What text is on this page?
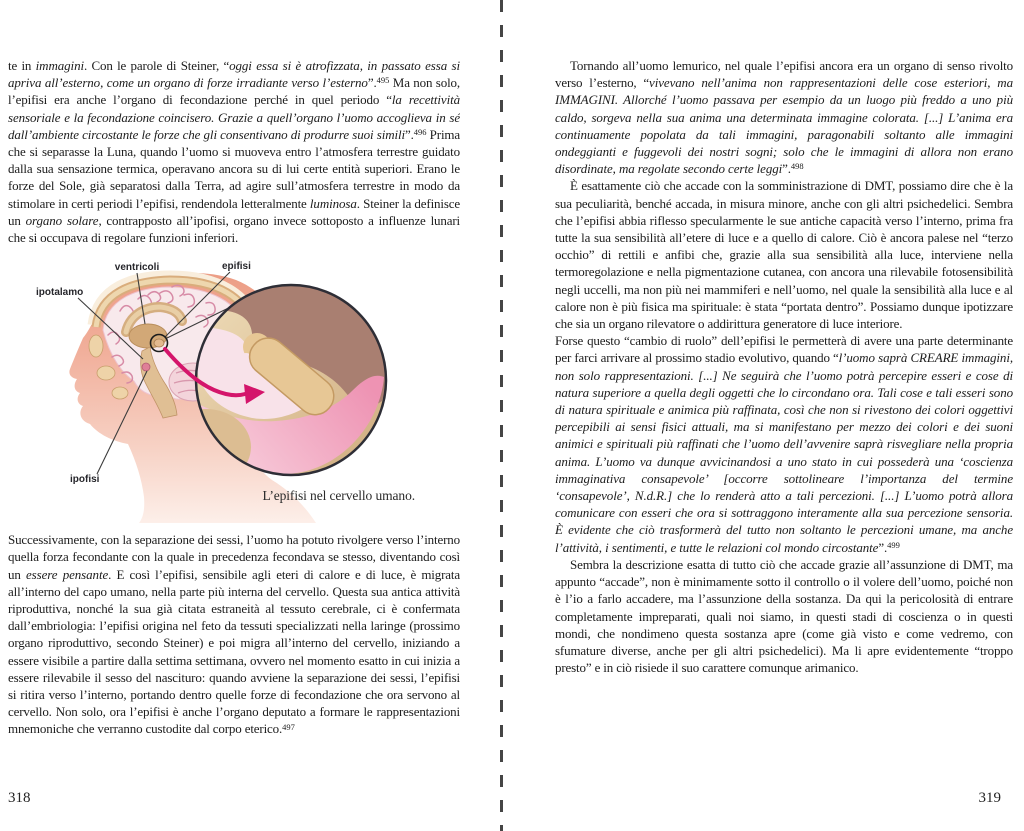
te in immagini. Con le parole di Steiner, “oggi essa si è atrofizzata, in passato essa si apriva all’esterno, come un organo di forze irradiante verso l’esterno”.$^{495}$ Ma non solo, l’epifisi era anche l’organo di fecondazione perché in quel periodo “la recettività sensoriale e la fecondazione coincisero. Grazie a quell’organo l’uomo accoglieva in sé dall’ambiente circostante le forze che gli consentivano di produrre suoi simili”.$^{496}$ Prima che si separasse la Luna, quando l’uomo si muoveva entro l’atmosfera terrestre guidato dalla sua sensazione termica, operavano ancora su di lui certe entità superiori. Erano le forze del Sole, già separatosi dalla Terra, ad agire sull’atmosfera terrestre in modo da stimolare in certi periodi l’epifisi, rendendola letteralmente luminosa. Steiner la definisce un organo solare, contrapposto all’ipofisi, organo invece sottoposto a influenze lunari che si occupava di regolare funzioni inferiori.

ventricoli	epifisi
ipotalamo
ipofisi
L’epifisi nel cervello umano.

Successivamente, con la separazione dei sessi, l’uomo ha potuto rivolgere verso l’interno quella forza fecondante con la quale in precedenza fecondava se stesso, diventando così un essere pensante. E così l’epifisi, sensibile agli eteri di calore e di luce, è migrata all’interno del capo umano, nella parte più interna del cervello. Questa sua antica attività riproduttiva, nonché la sua già citata estraneità al tessuto cerebrale, ci è confermata dall’embriologia: l’epifisi origina nel feto da tessuti specializzati nella laringe (prossimo organo riproduttivo, secondo Steiner) e poi migra all’interno del cervello, iniziando a essere visibile a partire dalla settima settimana, ovvero nel momento esatto in cui inizia a essere rilevabile il sesso del nascituro: quando avviene la separazione dei sessi, l’epifisi si ritira verso l’interno, portando dentro quelle forze di fecondazione che ora servono al cervello. Non solo, ora l’epifisi è anche l’organo deputato a formare le rappresentazioni mnemoniche che verranno custodite dal corpo eterico.$^{497}$

318

Tornando all’uomo lemurico, nel quale l’epifisi ancora era un organo di senso rivolto verso l’esterno, “vivevano nell’anima non rappresentazioni delle cose esteriori, ma IMMAGINI. Allorché l’uomo passava per esempio da un luogo più freddo a uno più caldo, sorgeva nella sua anima una determinata immagine colorata. [...] L’anima era continuamente popolata da tali immagini, paragonabili soltanto alle immagini ondeggianti e fuggevoli dei nostri sogni; solo che le immagini di allora non erano disordinate, ma regolate secondo certe leggi”.$^{498}$

È esattamente ciò che accade con la somministrazione di DMT, possiamo dire che è la sua peculiarità, benché accada, in misura minore, anche con gli altri psichedelici. Sembra che l’epifisi abbia riflesso specularmente le sue antiche capacità verso l’interno, prima fra tutte la sua sensibilità all’etere di luce e a quello di calore. Ciò è ancora palese nel “terzo occhio” di rettili e anfibi che, grazie alla sua sensibilità alla luce, interviene nella termoregolazione e nella pigmentazione cutanea, con ancora una rilevabile fotosensibilità negli uccelli, ma non più nei mammiferi e nell’uomo, nel quale la sensibilità alla luce e al calore non è più fisica ma spirituale: è stata “portata dentro”. Possiamo dunque ipotizzare che sia un organo rilevatore o addirittura generatore di luce interiore.

Forse questo “cambio di ruolo” dell’epifisi le permetterà di avere una parte determinante per farci arrivare al prossimo stadio evolutivo, quando “l’uomo saprà CREARE immagini, non solo rappresentazioni. [...] Ne seguirà che l’uomo potrà percepire esseri e cose di natura superiore a quella degli oggetti che lo circondano ora. Tali cose e tali esseri sono di natura spirituale e animica più raffinata, così che non si rivestono dei colori oggettivi percepibili ai sensi fisici attuali, ma si manifestano per mezzo dei colori e dei suoni animici e spirituali più raffinati che l’uomo dell’avvenire saprà risvegliare nella propria anima. L’uomo va dunque avvicinandosi a uno stato in cui possederà una ‘coscienza immaginativa consapevole’ [occorre sottolineare l’importanza del termine ‘consapevole’, N.d.R.] che lo renderà atto a tali percezioni. [...] L’uomo potrà allora comunicare con esseri che ora si sottraggono interamente alla sua percezione sensoria. È evidente che ciò trasformerà del tutto non soltanto le percezioni umane, ma anche l’attività, i sentimenti, e tutte le relazioni col mondo circostante”.$^{499}$

Sembra la descrizione esatta di tutto ciò che accade grazie all’assunzione di DMT, ma appunto “accade”, non è minimamente sotto il controllo o il volere dell’uomo, poiché non è l’io a farlo accadere, ma l’assunzione della sostanza. Da qui la pericolosità di entrare completamente impreparati, quali noi siamo, in questi stadi di coscienza o in questi mondi, che nondimeno questa sostanza apre (come già visto e come vedremo, con sfumature diverse, anche per gli altri psichedelici). Ma li apre evidentemente “troppo presto” e in ciò risiede il suo carattere comunque arimanico.

319
